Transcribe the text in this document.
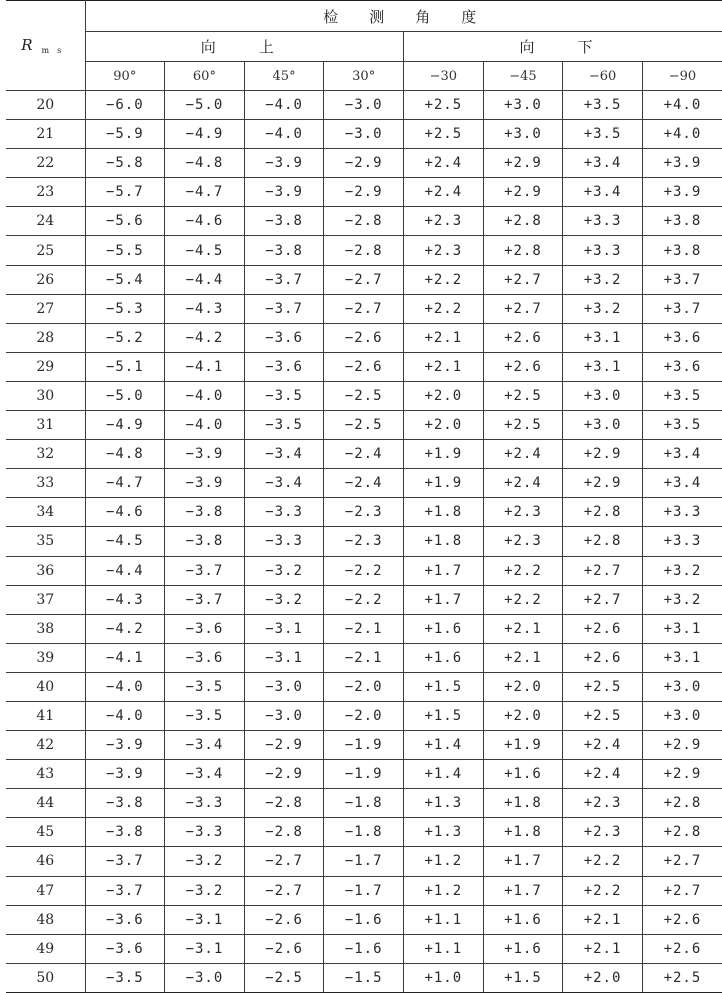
$R_{ms}$	检　测　角　度							
	向　上				向　下			
	90°	60°	45°	30°	−30	−45	−60	−90
20	−6.0	−5.0	−4.0	−3.0	+2.5	+3.0	+3.5	+4.0
21	−5.9	−4.9	−4.0	−3.0	+2.5	+3.0	+3.5	+4.0
22	−5.8	−4.8	−3.9	−2.9	+2.4	+2.9	+3.4	+3.9
23	−5.7	−4.7	−3.9	−2.9	+2.4	+2.9	+3.4	+3.9
24	−5.6	−4.6	−3.8	−2.8	+2.3	+2.8	+3.3	+3.8
25	−5.5	−4.5	−3.8	−2.8	+2.3	+2.8	+3.3	+3.8
26	−5.4	−4.4	−3.7	−2.7	+2.2	+2.7	+3.2	+3.7
27	−5.3	−4.3	−3.7	−2.7	+2.2	+2.7	+3.2	+3.7
28	−5.2	−4.2	−3.6	−2.6	+2.1	+2.6	+3.1	+3.6
29	−5.1	−4.1	−3.6	−2.6	+2.1	+2.6	+3.1	+3.6
30	−5.0	−4.0	−3.5	−2.5	+2.0	+2.5	+3.0	+3.5
31	−4.9	−4.0	−3.5	−2.5	+2.0	+2.5	+3.0	+3.5
32	−4.8	−3.9	−3.4	−2.4	+1.9	+2.4	+2.9	+3.4
33	−4.7	−3.9	−3.4	−2.4	+1.9	+2.4	+2.9	+3.4
34	−4.6	−3.8	−3.3	−2.3	+1.8	+2.3	+2.8	+3.3
35	−4.5	−3.8	−3.3	−2.3	+1.8	+2.3	+2.8	+3.3
36	−4.4	−3.7	−3.2	−2.2	+1.7	+2.2	+2.7	+3.2
37	−4.3	−3.7	−3.2	−2.2	+1.7	+2.2	+2.7	+3.2
38	−4.2	−3.6	−3.1	−2.1	+1.6	+2.1	+2.6	+3.1
39	−4.1	−3.6	−3.1	−2.1	+1.6	+2.1	+2.6	+3.1
40	−4.0	−3.5	−3.0	−2.0	+1.5	+2.0	+2.5	+3.0
41	−4.0	−3.5	−3.0	−2.0	+1.5	+2.0	+2.5	+3.0
42	−3.9	−3.4	−2.9	−1.9	+1.4	+1.9	+2.4	+2.9
43	−3.9	−3.4	−2.9	−1.9	+1.4	+1.6	+2.4	+2.9
44	−3.8	−3.3	−2.8	−1.8	+1.3	+1.8	+2.3	+2.8
45	−3.8	−3.3	−2.8	−1.8	+1.3	+1.8	+2.3	+2.8
46	−3.7	−3.2	−2.7	−1.7	+1.2	+1.7	+2.2	+2.7
47	−3.7	−3.2	−2.7	−1.7	+1.2	+1.7	+2.2	+2.7
48	−3.6	−3.1	−2.6	−1.6	+1.1	+1.6	+2.1	+2.6
49	−3.6	−3.1	−2.6	−1.6	+1.1	+1.6	+2.1	+2.6
50	−3.5	−3.0	−2.5	−1.5	+1.0	+1.5	+2.0	+2.5
